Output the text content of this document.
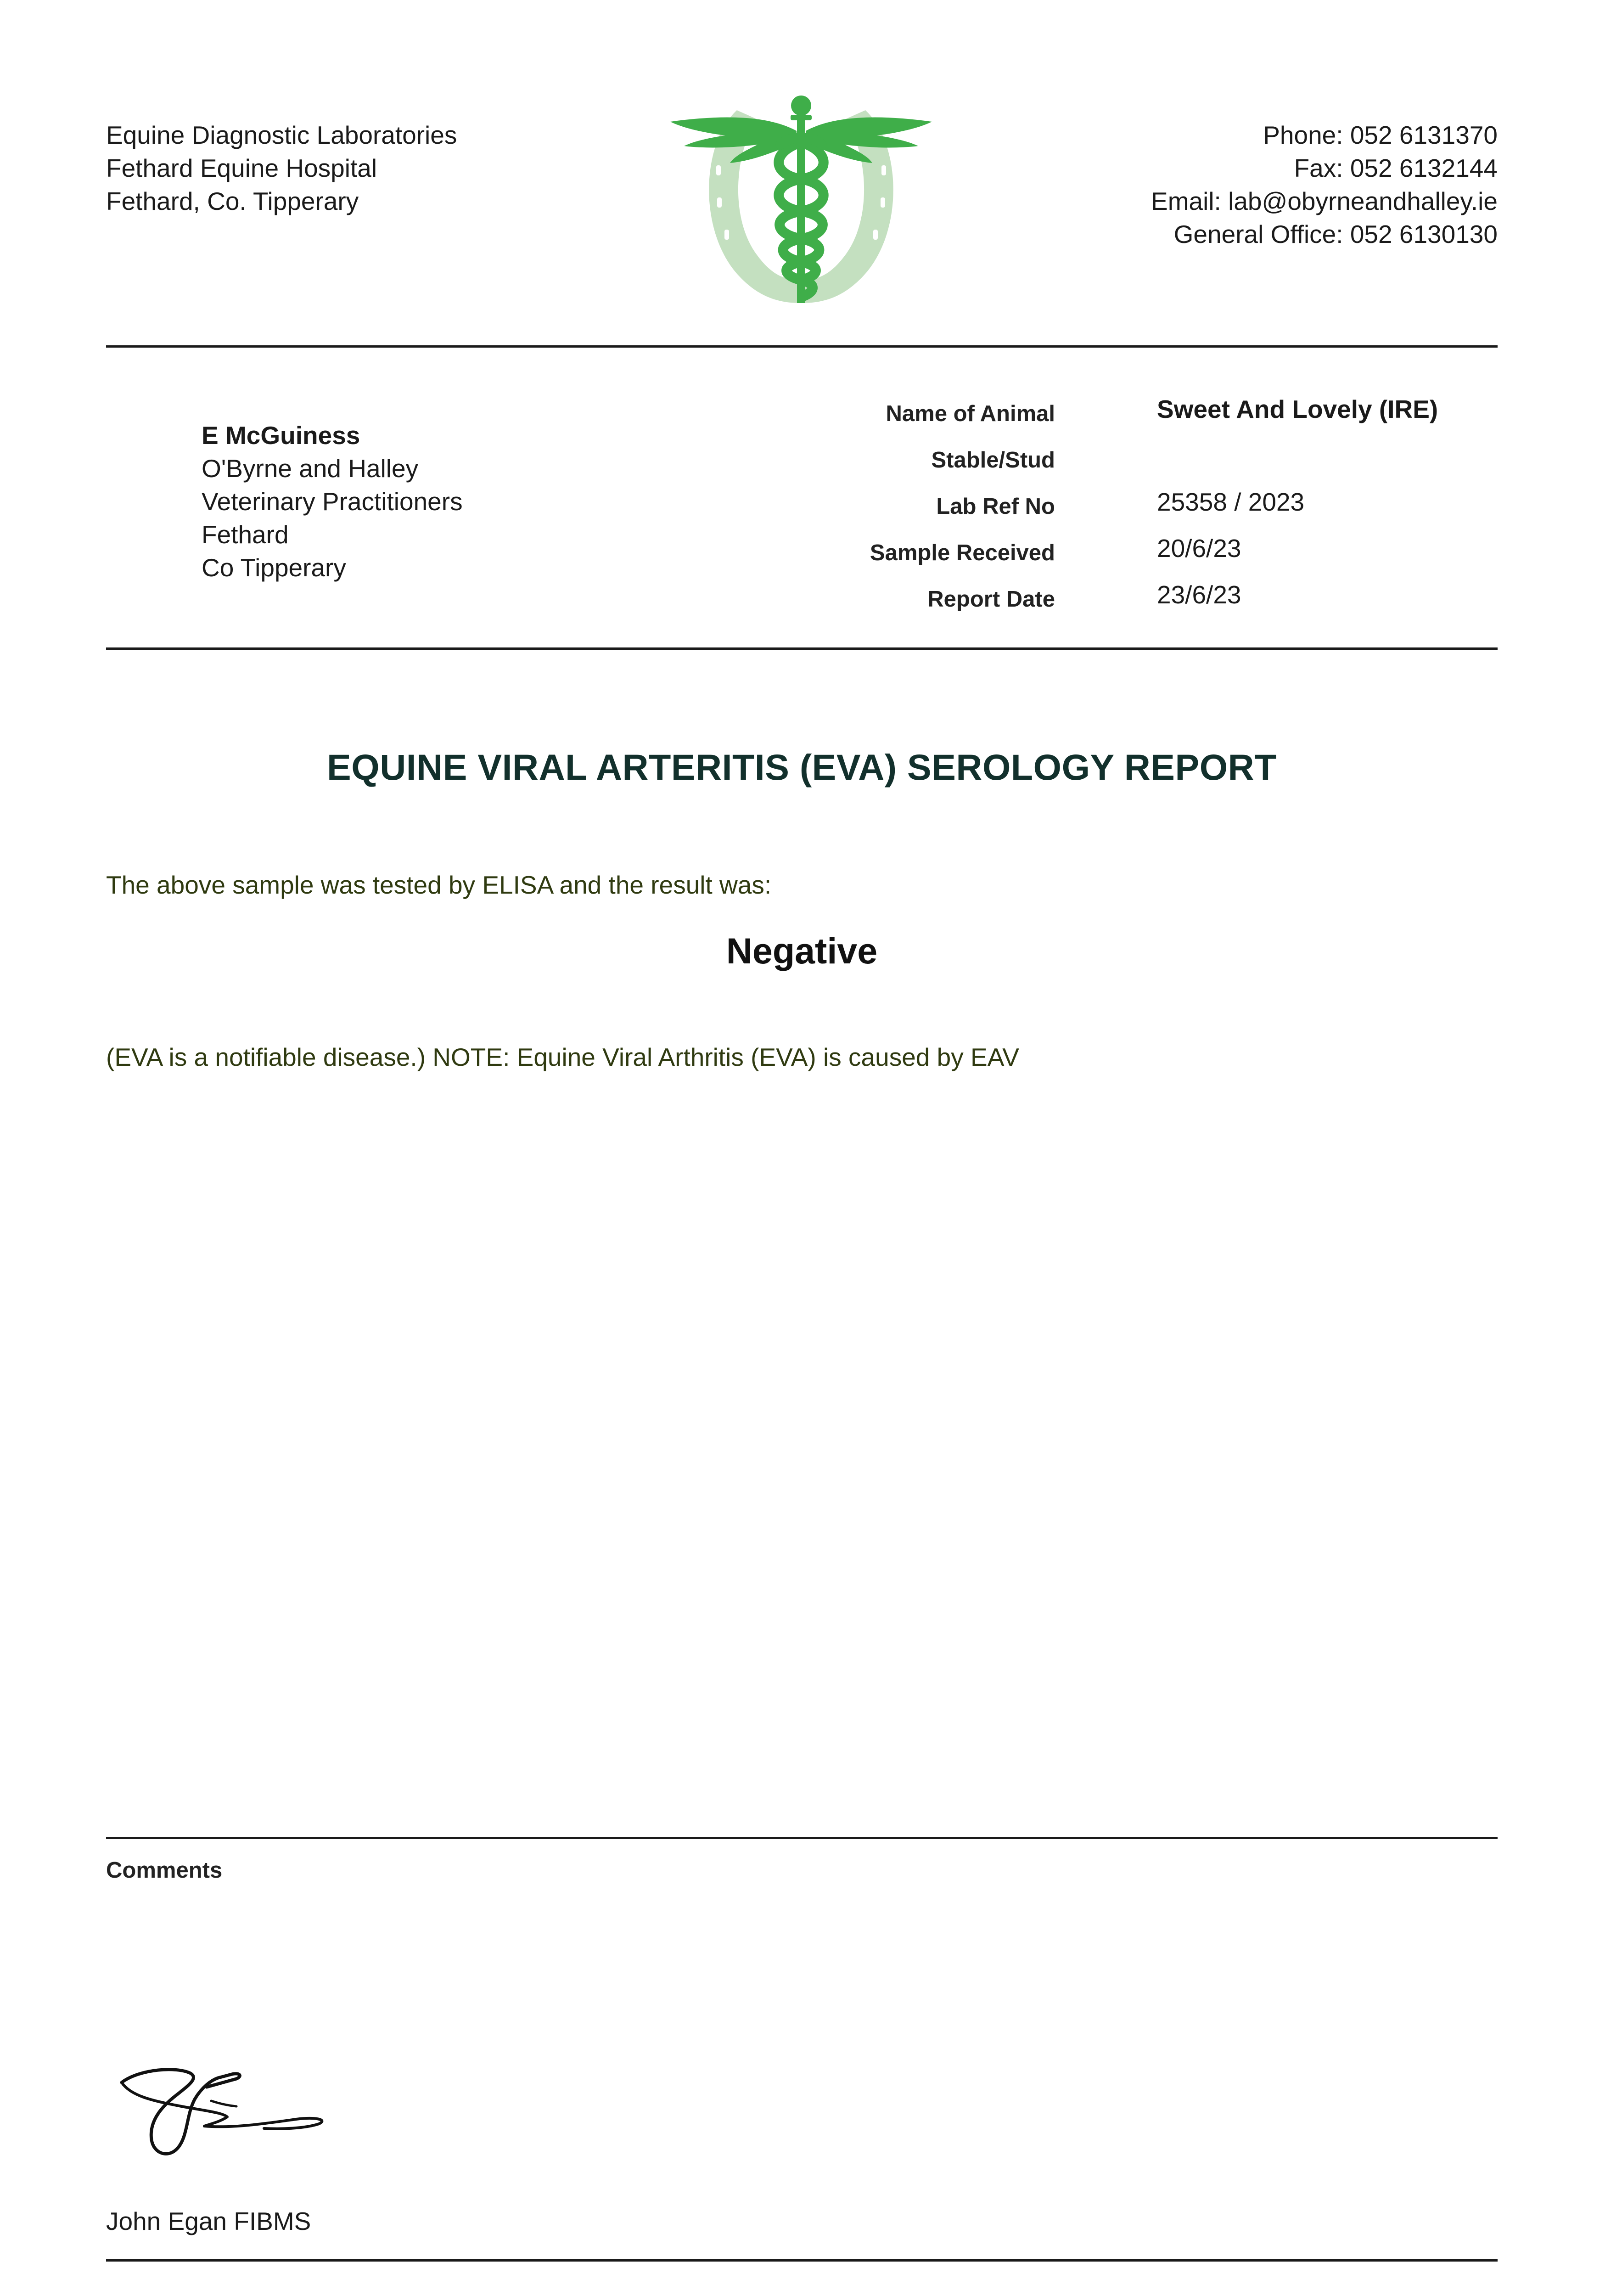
Equine Diagnostic Laboratories
Fethard Equine Hospital
Fethard, Co. Tipperary
Phone: 052 6131370
Fax: 052 6132144
Email: lab@obyrneandhalley.ie
General Office: 052 6130130
E McGuiness
O'Byrne and Halley
Veterinary Practitioners
Fethard
Co Tipperary
Name of Animal	Sweet And Lovely (IRE)
Stable/Stud
Lab Ref No	25358 / 2023
Sample Received	20/6/23
Report Date	23/6/23
EQUINE VIRAL ARTERITIS (EVA) SEROLOGY REPORT
The above sample was tested by ELISA and the result was:
Negative
(EVA is a notifiable disease.) NOTE: Equine Viral Arthritis (EVA) is caused by EAV
Comments
John Egan FIBMS
